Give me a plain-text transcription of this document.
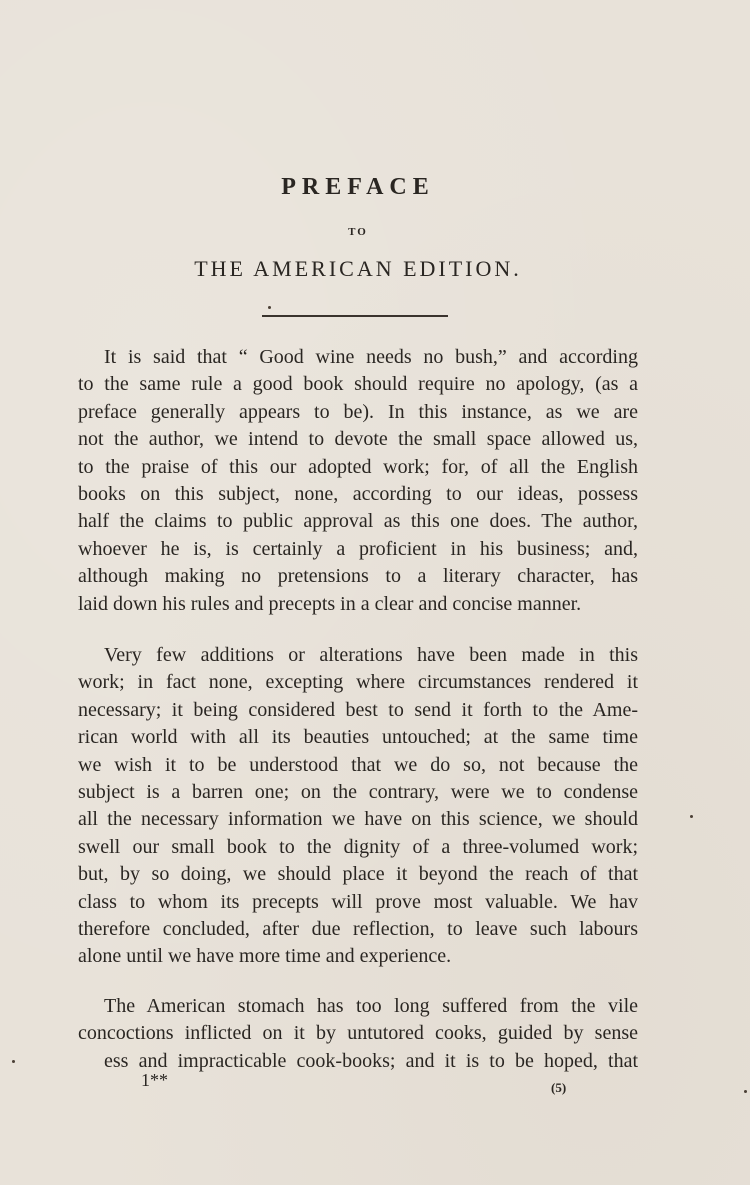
PREFACE
TO
THE AMERICAN EDITION.
It is said that “ Good wine needs no bush,” and according
to the same rule a good book should require no apology, (as a
preface generally appears to be). In this instance, as we are
not the author, we intend to devote the small space allowed us,
to the praise of this our adopted work; for, of all the English
books on this subject, none, according to our ideas, possess
half the claims to public approval as this one does. The author,
whoever he is, is certainly a proficient in his business; and,
although making no pretensions to a literary character, has
laid down his rules and precepts in a clear and concise manner.
Very few additions or alterations have been made in this
work; in fact none, excepting where circumstances rendered it
necessary; it being considered best to send it forth to the Ame-
rican world with all its beauties untouched; at the same time
we wish it to be understood that we do so, not because the
subject is a barren one; on the contrary, were we to condense
all the necessary information we have on this science, we should
swell our small book to the dignity of a three-volumed work;
but, by so doing, we should place it beyond the reach of that
class to whom its precepts will prove most valuable. We hav
therefore concluded, after due reflection, to leave such labours
alone until we have more time and experience.
The American stomach has too long suffered from the vile
concoctions inflicted on it by untutored cooks, guided by sense
ess and impracticable cook-books; and it is to be hoped, that
1**	(5)
